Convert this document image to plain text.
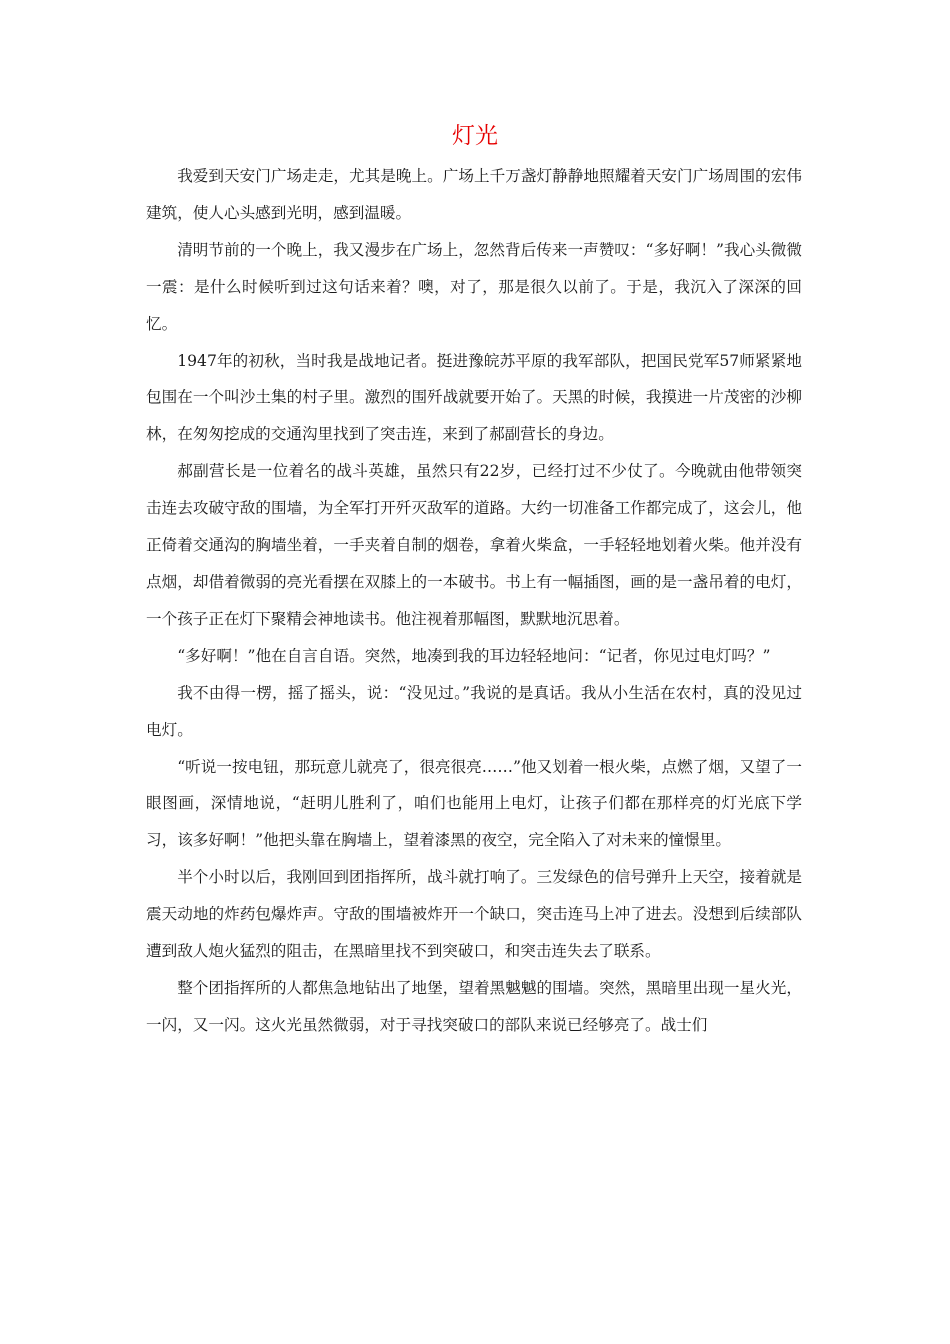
灯光

我爱到天安门广场走走，尤其是晚上。广场上千万盏灯静静地照耀着天安门广场周围的宏伟建筑，使人心头感到光明，感到温暖。

清明节前的一个晚上，我又漫步在广场上，忽然背后传来一声赞叹：“多好啊！”我心头微微一震：是什么时候听到过这句话来着？噢，对了，那是很久以前了。于是，我沉入了深深的回忆。

1947年的初秋，当时我是战地记者。挺进豫皖苏平原的我军部队，把国民党军57师紧紧地包围在一个叫沙土集的村子里。激烈的围歼战就要开始了。天黑的时候，我摸进一片茂密的沙柳林，在匆匆挖成的交通沟里找到了突击连，来到了郝副营长的身边。

郝副营长是一位着名的战斗英雄，虽然只有22岁，已经打过不少仗了。今晚就由他带领突击连去攻破守敌的围墙，为全军打开歼灭敌军的道路。大约一切准备工作都完成了，这会儿，他正倚着交通沟的胸墙坐着，一手夹着自制的烟卷，拿着火柴盒，一手轻轻地划着火柴。他并没有点烟，却借着微弱的亮光看摆在双膝上的一本破书。书上有一幅插图，画的是一盏吊着的电灯，一个孩子正在灯下聚精会神地读书。他注视着那幅图，默默地沉思着。

“多好啊！”他在自言自语。突然，地凑到我的耳边轻轻地问：“记者，你见过电灯吗？”

我不由得一楞，摇了摇头，说：“没见过。”我说的是真话。我从小生活在农村，真的没见过电灯。

“听说一按电钮，那玩意儿就亮了，很亮很亮……”他又划着一根火柴，点燃了烟，又望了一眼图画，深情地说，“赶明儿胜利了，咱们也能用上电灯，让孩子们都在那样亮的灯光底下学习，该多好啊！”他把头靠在胸墙上，望着漆黑的夜空，完全陷入了对未来的憧憬里。

半个小时以后，我刚回到团指挥所，战斗就打响了。三发绿色的信号弹升上天空，接着就是震天动地的炸药包爆炸声。守敌的围墙被炸开一个缺口，突击连马上冲了进去。没想到后续部队遭到敌人炮火猛烈的阻击，在黑暗里找不到突破口，和突击连失去了联系。

整个团指挥所的人都焦急地钻出了地堡，望着黑魆魆的围墙。突然，黑暗里出现一星火光，一闪，又一闪。这火光虽然微弱，对于寻找突破口的部队来说已经够亮了。战士们
